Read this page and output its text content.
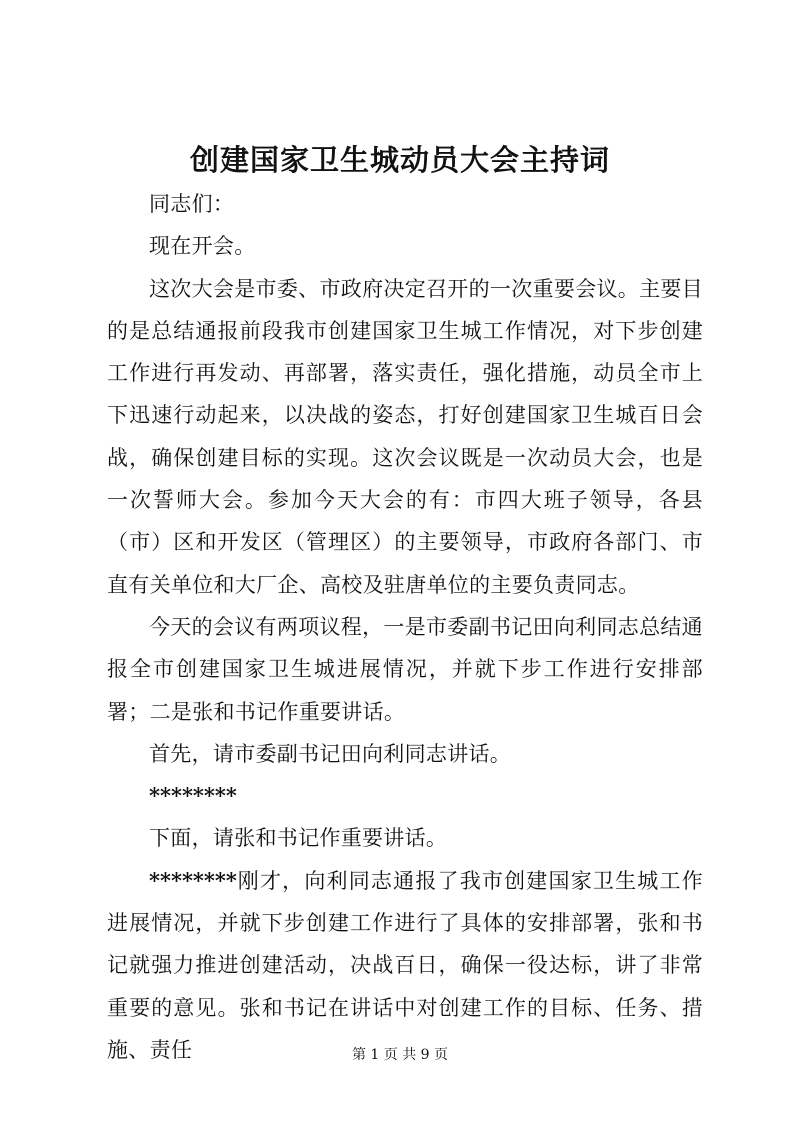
创建国家卫生城动员大会主持词

同志们：

现在开会。

这次大会是市委、市政府决定召开的一次重要会议。主要目的是总结通报前段我市创建国家卫生城工作情况，对下步创建工作进行再发动、再部署，落实责任，强化措施，动员全市上下迅速行动起来，以决战的姿态，打好创建国家卫生城百日会战，确保创建目标的实现。这次会议既是一次动员大会，也是一次誓师大会。参加今天大会的有：市四大班子领导，各县（市）区和开发区（管理区）的主要领导，市政府各部门、市直有关单位和大厂企、高校及驻唐单位的主要负责同志。

今天的会议有两项议程，一是市委副书记田向利同志总结通报全市创建国家卫生城进展情况，并就下步工作进行安排部署；二是张和书记作重要讲话。

首先，请市委副书记田向利同志讲话。

********

下面，请张和书记作重要讲话。

********刚才，向利同志通报了我市创建国家卫生城工作进展情况，并就下步创建工作进行了具体的安排部署，张和书记就强力推进创建活动，决战百日，确保一役达标，讲了非常重要的意见。张和书记在讲话中对创建工作的目标、任务、措施、责任	第 1 页 共 9 页
